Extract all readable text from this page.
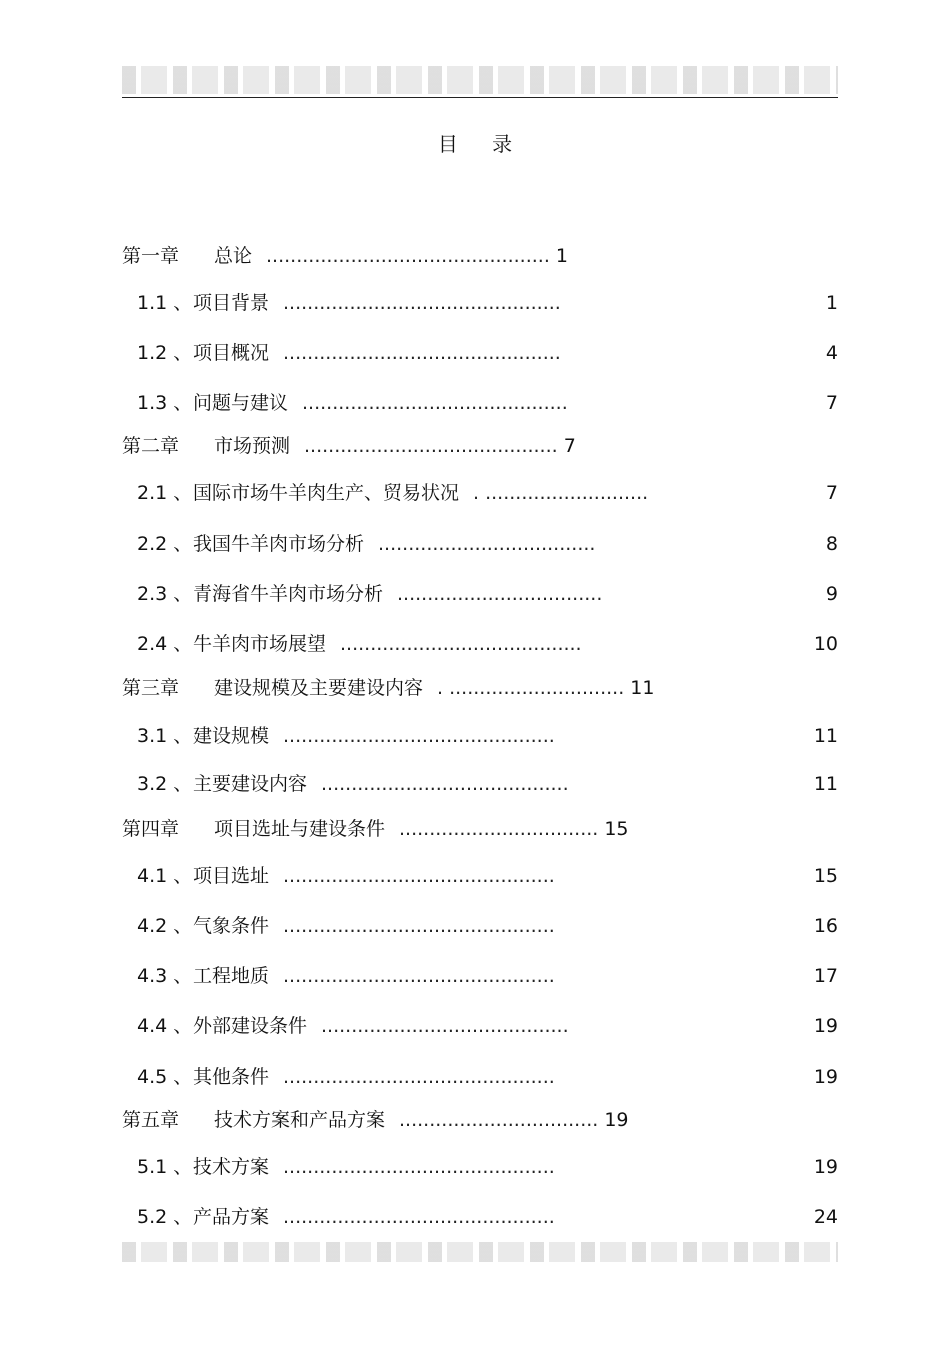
目 录
第一章 总论 ............................................... 1
1.1 、项目背景 ..............................................	1
1.2 、项目概况 ..............................................	4
1.3 、问题与建议 ............................................	7
第二章 市场预测 .......................................... 7
2.1 、国际市场牛羊肉生产、贸易状况 . ...........................	7
2.2 、我国牛羊肉市场分析 ....................................	8
2.3 、青海省牛羊肉市场分析 ..................................	9
2.4 、牛羊肉市场展望 ........................................	10
第三章 建设规模及主要建设内容 . ............................. 11
3.1 、建设规模 .............................................	11
3.2 、主要建设内容 .........................................	11
第四章 项目选址与建设条件 ................................. 15
4.1 、项目选址 .............................................	15
4.2 、气象条件 .............................................	16
4.3 、工程地质 .............................................	17
4.4 、外部建设条件 .........................................	19
4.5 、其他条件 .............................................	19
第五章 技术方案和产品方案 ................................. 19
5.1 、技术方案 .............................................	19
5.2 、产品方案 .............................................	24
